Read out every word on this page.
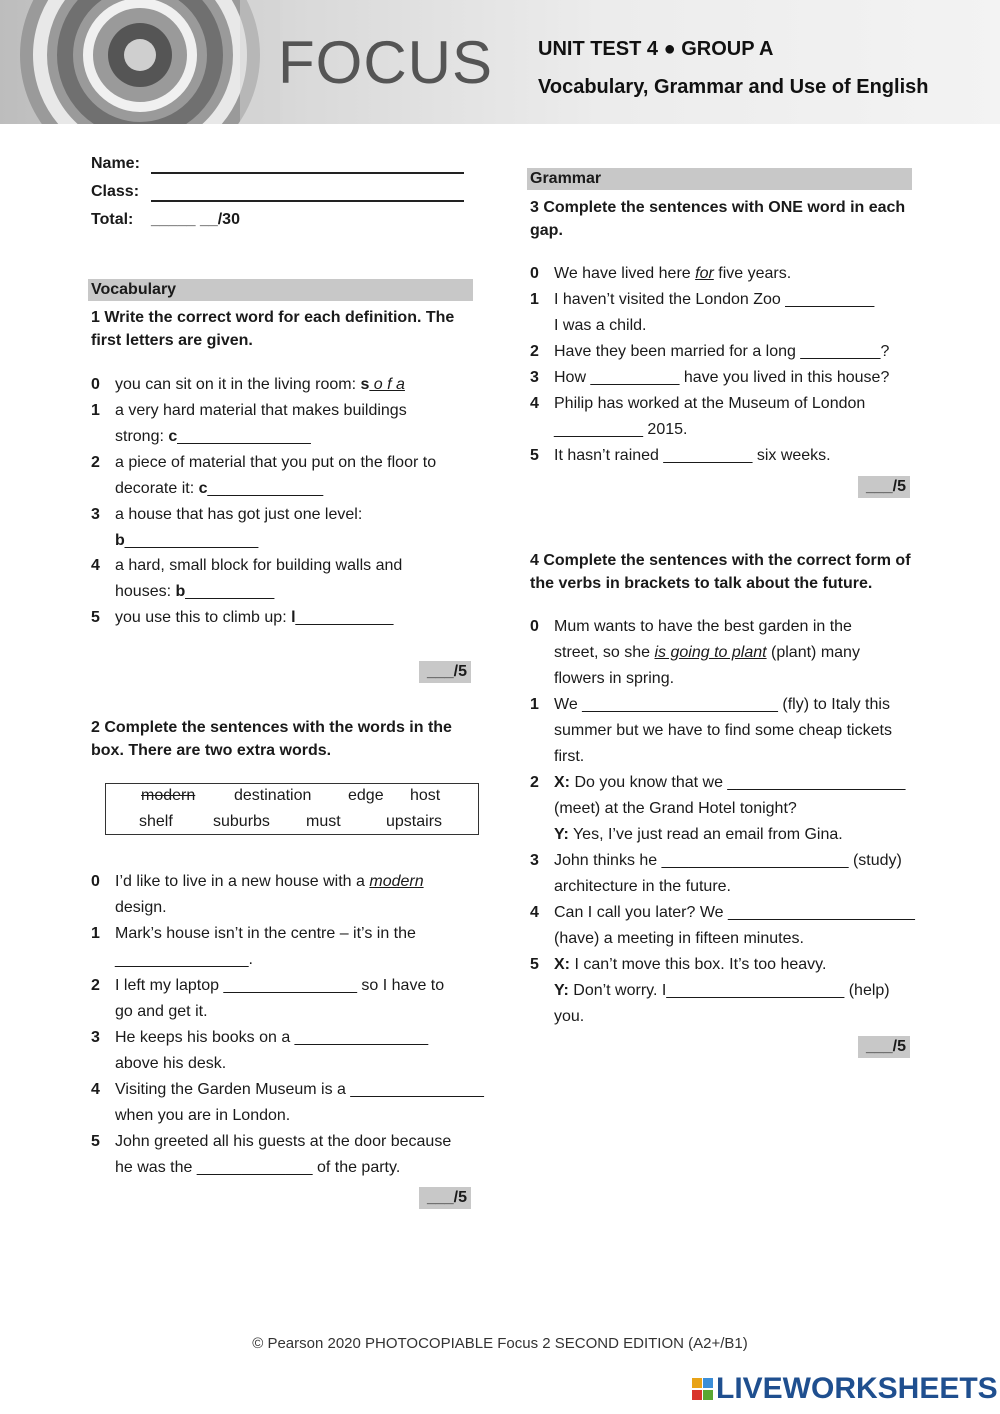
FOCUS UNIT TEST 4 ● GROUP A
Vocabulary, Grammar and Use of English
Name:
Class:
Total: _____ __/30
Vocabulary
1 Write the correct word for each definition. The first letters are given.
0 you can sit on it in the living room: s o f a
1 a very hard material that makes buildings
strong: c_______________
2 a piece of material that you put on the floor to
decorate it: c_____________
3 a house that has got just one level:
b_______________
4 a hard, small block for building walls and
houses: b__________
5 you use this to climb up: l___________
___/5
2 Complete the sentences with the words in the box. There are two extra words.
modern destination edge host
shelf	suburbs must	upstairs
0 I’d like to live in a new house with a modern
design.
1 Mark’s house isn’t in the centre – it’s in the
_______________.
2 I left my laptop _______________ so I have to
go and get it.
3 He keeps his books on a _______________
above his desk.
4 Visiting the Garden Museum is a _______________
when you are in London.
5 John greeted all his guests at the door because
he was the _____________ of the party.
___/5
Grammar
3 Complete the sentences with ONE word in each gap.
0 We have lived here for five years.
1 I haven’t visited the London Zoo __________
I was a child.
2 Have they been married for a long _________?
3 How __________ have you lived in this house?
4 Philip has worked at the Museum of London
__________ 2015.
5 It hasn’t rained __________ six weeks.
___/5
4 Complete the sentences with the correct form of the verbs in brackets to talk about the future.
0 Mum wants to have the best garden in the
street, so she is going to plant (plant) many
flowers in spring.
1 We ______________________ (fly) to Italy this
summer but we have to find some cheap tickets
first.
2 X: Do you know that we ____________________
(meet) at the Grand Hotel tonight?
Y: Yes, I’ve just read an email from Gina.
3 John thinks he _____________________ (study)
architecture in the future.
4 Can I call you later? We _____________________
(have) a meeting in fifteen minutes.
5 X: I can’t move this box. It’s too heavy.
Y: Don’t worry. I____________________ (help)
you.
___/5
© Pearson 2020 PHOTOCOPIABLE Focus 2 SECOND EDITION (A2+/B1)
LIVEWORKSHEETS
